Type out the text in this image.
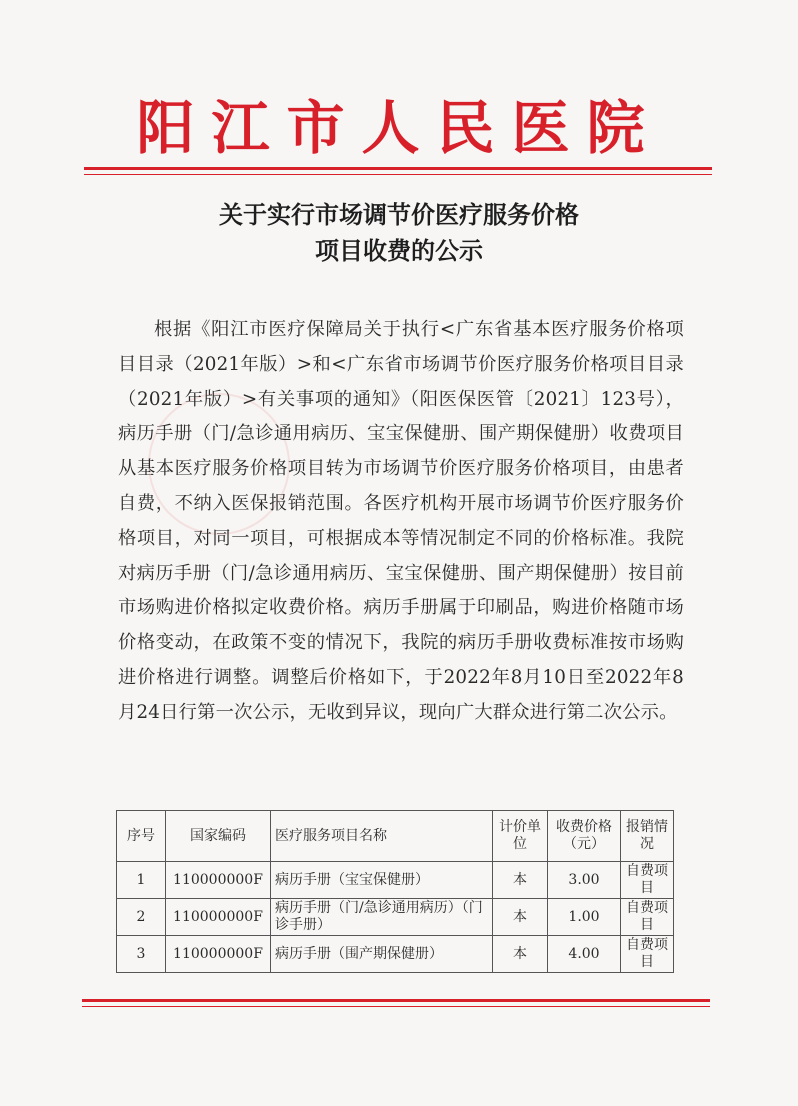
阳江市人民医院
关于实行市场调节价医疗服务价格
项目收费的公示
根据《阳江市医疗保障局关于执行<广东省基本医疗服务价格项目目录（2021年版）>和<广东省市场调节价医疗服务价格项目目录（2021年版）>有关事项的通知》（阳医保医管〔2021〕123号），病历手册（门/急诊通用病历、宝宝保健册、围产期保健册）收费项目从基本医疗服务价格项目转为市场调节价医疗服务价格项目，由患者自费，不纳入医保报销范围。各医疗机构开展市场调节价医疗服务价格项目，对同一项目，可根据成本等情况制定不同的价格标准。我院对病历手册（门/急诊通用病历、宝宝保健册、围产期保健册）按目前市场购进价格拟定收费价格。病历手册属于印刷品，购进价格随市场价格变动，在政策不变的情况下，我院的病历手册收费标准按市场购进价格进行调整。调整后价格如下，于2022年8月10日至2022年8月24日行第一次公示，无收到异议，现向广大群众进行第二次公示。
序号	国家编码	医疗服务项目名称	计价单位	收费价格（元）	报销情况
1	110000000F	病历手册（宝宝保健册）	本	3.00	自费项目
2	110000000F	病历手册（门/急诊通用病历）（门诊手册）	本	1.00	自费项目
3	110000000F	病历手册（围产期保健册）	本	4.00	自费项目
